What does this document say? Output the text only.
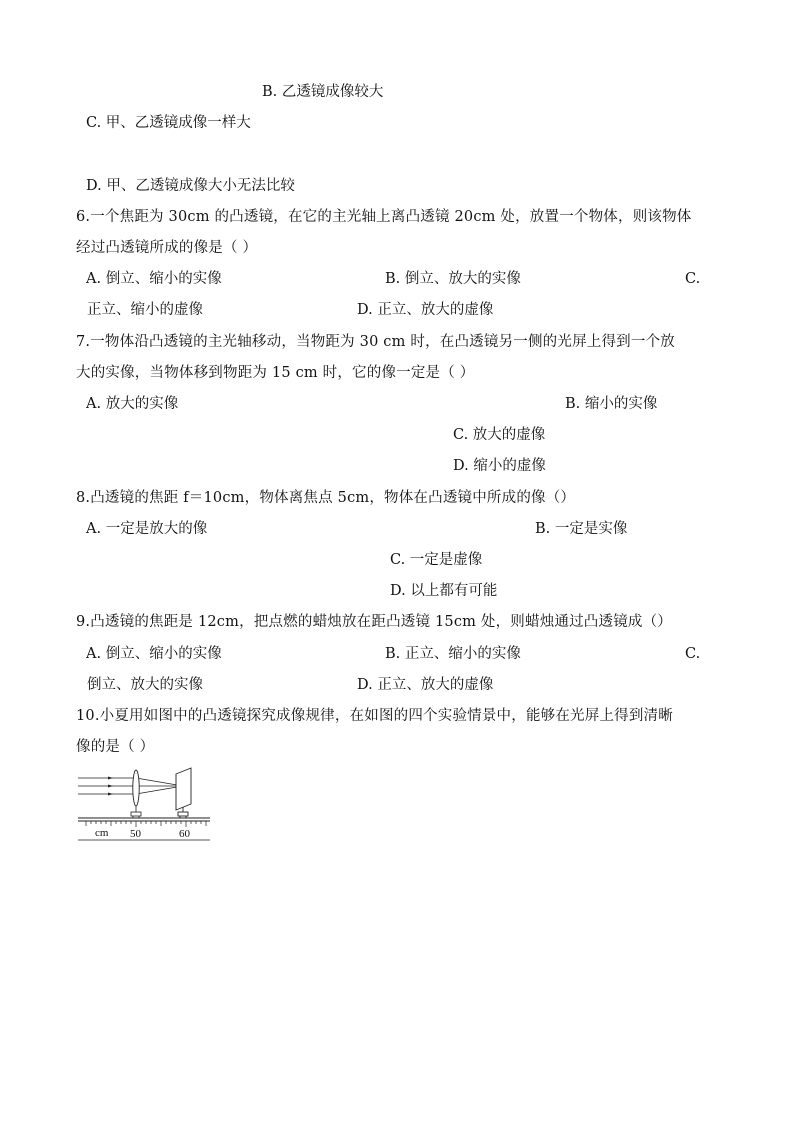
B. 乙透镜成像较大
C. 甲、乙透镜成像一样大
D. 甲、乙透镜成像大小无法比较
6.一个焦距为 30cm 的凸透镜，在它的主光轴上离凸透镜 20cm 处，放置一个物体，则该物体
经过凸透镜所成的像是（ ）
A. 倒立、缩小的实像	B. 倒立、放大的实像	C.
正立、缩小的虚像	D. 正立、放大的虚像
7.一物体沿凸透镜的主光轴移动，当物距为 30 cm 时，在凸透镜另一侧的光屏上得到一个放
大的实像，当物体移到物距为 15 cm 时，它的像一定是（ ）
A. 放大的实像	B. 缩小的实像
C. 放大的虚像
D. 缩小的虚像
8.凸透镜的焦距 f＝10cm，物体离焦点 5cm，物体在凸透镜中所成的像（）
A. 一定是放大的像	B. 一定是实像
C. 一定是虚像
D. 以上都有可能
9.凸透镜的焦距是 12cm，把点燃的蜡烛放在距凸透镜 15cm 处，则蜡烛通过凸透镜成（）
A. 倒立、缩小的实像	B. 正立、缩小的实像	C.
倒立、放大的实像	D. 正立、放大的虚像
10.小夏用如图中的凸透镜探究成像规律，在如图的四个实验情景中，能够在光屏上得到清晰
像的是（ ）
cm 50	60
